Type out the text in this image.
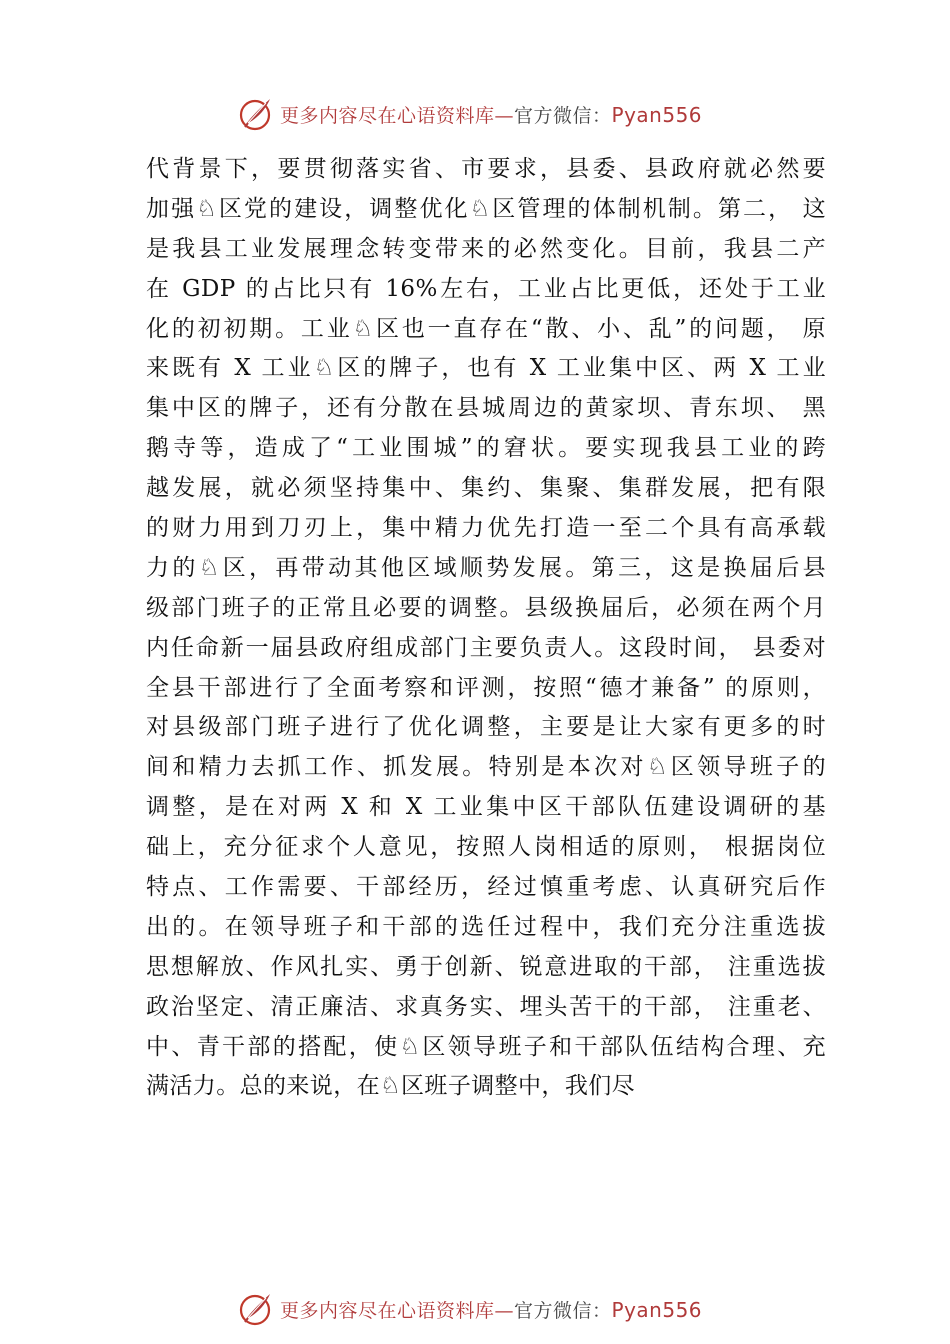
更多内容尽在心语资料库—官方微信：Pyan556
代背景下，要贯彻落实省、市要求，县委、县政府就必然要
加强♘区党的建设，调整优化♘区管理的体制机制。第二， 这
是我县工业发展理念转变带来的必然变化。目前，我县二产
在 GDP 的占比只有 16%左右，工业占比更低，还处于工业
化的初初期。工业♘区也一直存在“散、小、乱”的问题， 原
来既有 X 工业♘区的牌子，也有 X 工业集中区、两 X 工业
集中区的牌子，还有分散在县城周边的黄家坝、青东坝、 黑
鹅寺等，造成了“工业围城”的窘状。要实现我县工业的跨
越发展，就必须坚持集中、集约、集聚、集群发展，把有限
的财力用到刀刃上，集中精力优先打造一至二个具有高承载
力的♘区，再带动其他区域顺势发展。第三，这是换届后县
级部门班子的正常且必要的调整。县级换届后，必须在两个月
内任命新一届县政府组成部门主要负责人。这段时间， 县委对
全县干部进行了全面考察和评测，按照“德才兼备” 的原则，
对县级部门班子进行了优化调整，主要是让大家有更多的时
间和精力去抓工作、抓发展。特别是本次对♘区领导班子的
调整，是在对两 X 和 X 工业集中区干部队伍建设调研的基
础上，充分征求个人意见，按照人岗相适的原则， 根据岗位
特点、工作需要、干部经历，经过慎重考虑、认真研究后作
出的。在领导班子和干部的选任过程中，我们充分注重选拔
思想解放、作风扎实、勇于创新、锐意进取的干部， 注重选拔
政治坚定、清正廉洁、求真务实、埋头苦干的干部， 注重老、
中、青干部的搭配，使♘区领导班子和干部队伍结构合理、充
满活力。总的来说，在♘区班子调整中，我们尽
更多内容尽在心语资料库—官方微信：Pyan556
